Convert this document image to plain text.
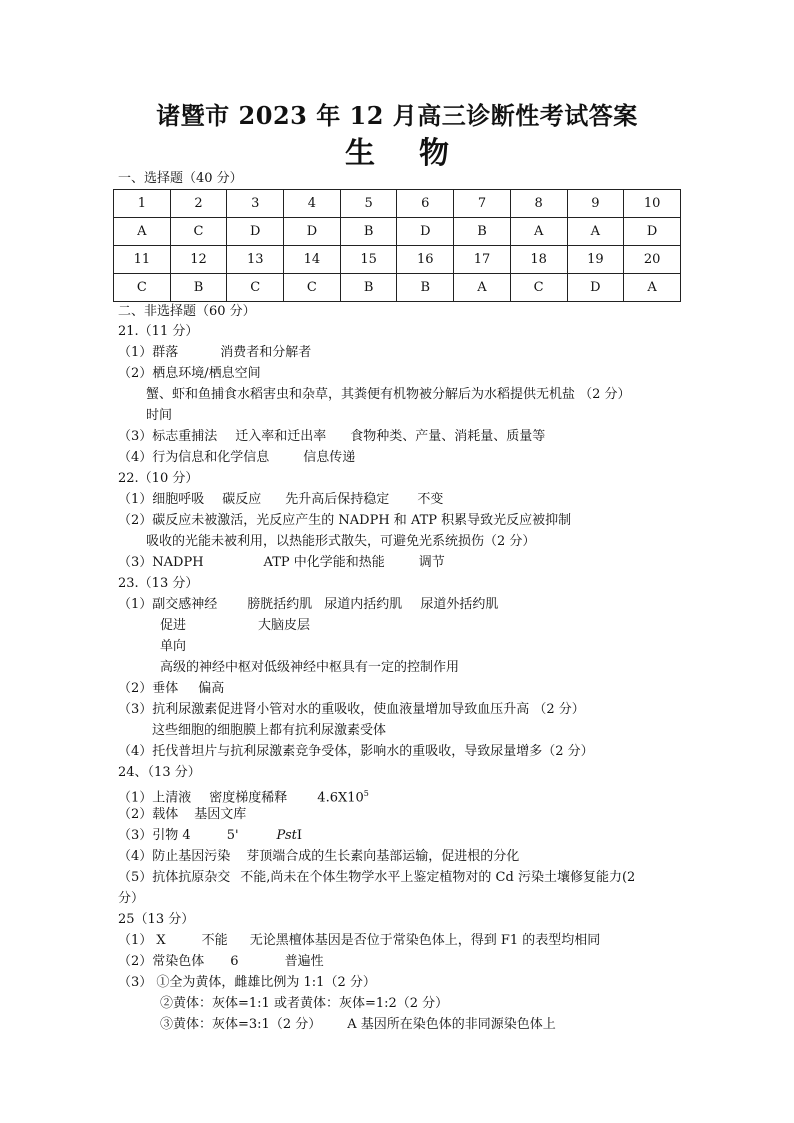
诸暨市 2023 年 12 月高三诊断性考试答案
生物
一、选择题（40 分）
1	2	3	4	5	6	7	8	9	10
A	C	D	D	B	D	B	A	A	D
11	12	13	14	15	16	17	18	19	20
C	B	C	C	B	B	A	C	D	A
二、非选择题（60 分）
21.（11 分）
（1）群落	消费者和分解者
（2）栖息环境/栖息空间
蟹、虾和鱼捕食水稻害虫和杂草，其粪便有机物被分解后为水稻提供无机盐 （2 分）
时间
（3）标志重捕法 迁入率和迁出率 食物种类、产量、消耗量、质量等
（4）行为信息和化学信息	信息传递
22.（10 分）
（1）细胞呼吸 碳反应 先升高后保持稳定 不变
（2）碳反应未被激活，光反应产生的 NADPH 和 ATP 积累导致光反应被抑制
吸收的光能未被利用，以热能形式散失，可避免光系统损伤（2 分）
（3）NADPH	ATP 中化学能和热能	调节
23.（13 分）
（1）副交感神经 膀胱括约肌 尿道内括约肌 尿道外括约肌
促进	大脑皮层
单向
高级的神经中枢对低级神经中枢具有一定的控制作用
（2）垂体 偏高
（3）抗利尿激素促进肾小管对水的重吸收，使血液量增加导致血压升高 （2 分）
这些细胞的细胞膜上都有抗利尿激素受体
（4）托伐普坦片与抗利尿激素竞争受体，影响水的重吸收，导致尿量增多（2 分）
24、（13 分）
（1）上清液 密度梯度稀释 $4.6X10^5$
（2）载体 基因文库
（3）引物 4	5'	PstI
（4）防止基因污染 芽顶端合成的生长素向基部运输，促进根的分化
（5）抗体抗原杂交 不能,尚未在个体生物学水平上鉴定植物对的 Cd 污染土壤修复能力(2
分）
25（13 分）
（1） X	不能 无论黑檀体基因是否位于常染色体上，得到 F1 的表型均相同
（2）常染色体 6	普遍性
（3） ①全为黄体，雌雄比例为 1:1（2 分）
②黄体：灰体=1:1 或者黄体：灰体=1:2（2 分）
③黄体：灰体=3:1（2 分） A 基因所在染色体的非同源染色体上
